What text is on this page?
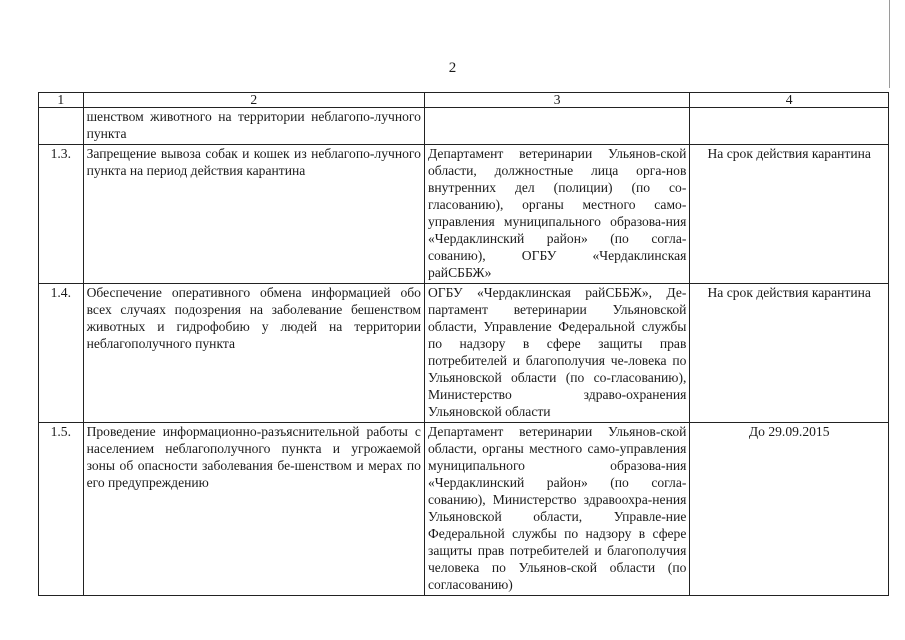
2
1	2	3	4
	шенством животного на территории неблагопо-лучного пункта		
1.3.	Запрещение вывоза собак и кошек из неблагопо-лучного пункта на период действия карантина	Департамент ветеринарии Ульянов-ской области, должностные лица орга-нов внутренних дел (полиции) (по со-гласованию), органы местного само-управления муниципального образова-ния «Чердаклинский район» (по согла-сованию), ОГБУ «Чердаклинская райСББЖ»	На срок действия карантина
1.4.	Обеспечение оперативного обмена информацией обо всех случаях подозрения на заболевание бешенством животных и гидрофобию у людей на территории неблагополучного пункта	ОГБУ «Чердаклинская райСББЖ», Де-партамент ветеринарии Ульяновской области, Управление Федеральной службы по надзору в сфере защиты прав потребителей и благополучия че-ловека по Ульяновской области (по со-гласованию), Министерство здраво-охранения Ульяновской области	На срок действия карантина
1.5.	Проведение информационно-разъяснительной работы с населением неблагополучного пункта и угрожаемой зоны об опасности заболевания бе-шенством и мерах по его предупреждению	Департамент ветеринарии Ульянов-ской области, органы местного само-управления муниципального образова-ния «Чердаклинский район» (по согла-сованию), Министерство здравоохра-нения Ульяновской области, Управле-ние Федеральной службы по надзору в сфере защиты прав потребителей и благополучия человека по Ульянов-ской области (по согласованию)	До 29.09.2015
